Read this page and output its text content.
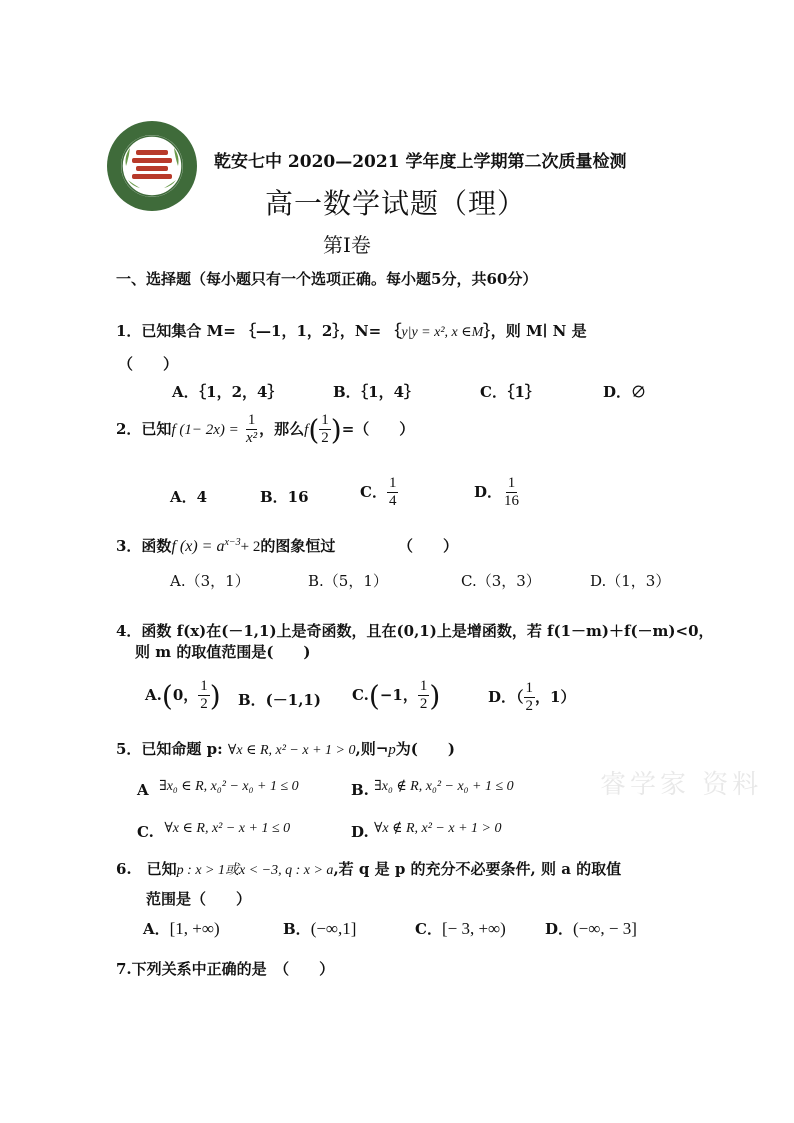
乾安七中 2020—2021 学年度上学期第二次质量检测
高一数学试题（理）
第Ⅰ卷
一、选择题（每小题只有一个选项正确。每小题5分，共60分）
1．已知集合 M= ｛—1，1，2｝，N= ｛y|y = x², x ∈M｝，则 M∣ N 是
（　　）
A．｛1，2，4｝	B．｛1，4｝	C．｛1｝	D．∅
2．已知f $(1- 2x) = \frac{1}{\text{x²}}$ ，那么$f( \frac{1}{2}$ )=（　　）
A．4	B．16	C． $\frac{1}{4}$	D． $\frac{1}{16}$
3．函数f $(x) = a^{x-3}+ 2$的图象恒过	（　　）
A.（3，1）	B.（5，1）	C.（3，3）	D.（1，3）
4．函数 f(x)在(－1,1)上是奇函数，且在(0,1)上是增函数，若 f(1－m)＋f(－m)<0，
则 m 的取值范围是(　　)
A.(0， $\frac{1}{2}$ ) B．(－1,1) C.(−1， $\frac{1}{2}$ )	D．（ $\frac{1}{2}$ ，1）
5．已知命题 p: ∀x ∈ R, x² − x + 1 > 0,则¬p为(　　)
睿学家 资料
A ∃x₀ ∈ R, x₀² − x₀ + 1 ≤ 0	B. ∃x₀ ∉ R, x₀² − x₀ + 1 ≤ 0
C. ∀x ∈ R, x² − x + 1 ≤ 0	D. ∀x ∉ R, x² − x + 1 > 0
6.　已知p : x > 1或x < −3, q : x > a,若 q 是 p 的充分不必要条件, 则 a 的取值
范围是（　　）
A．[1, +∞)	B．(−∞,1]	C．[− 3, +∞)	D．(−∞, − 3]
7.下列关系中正确的是　（　　）
